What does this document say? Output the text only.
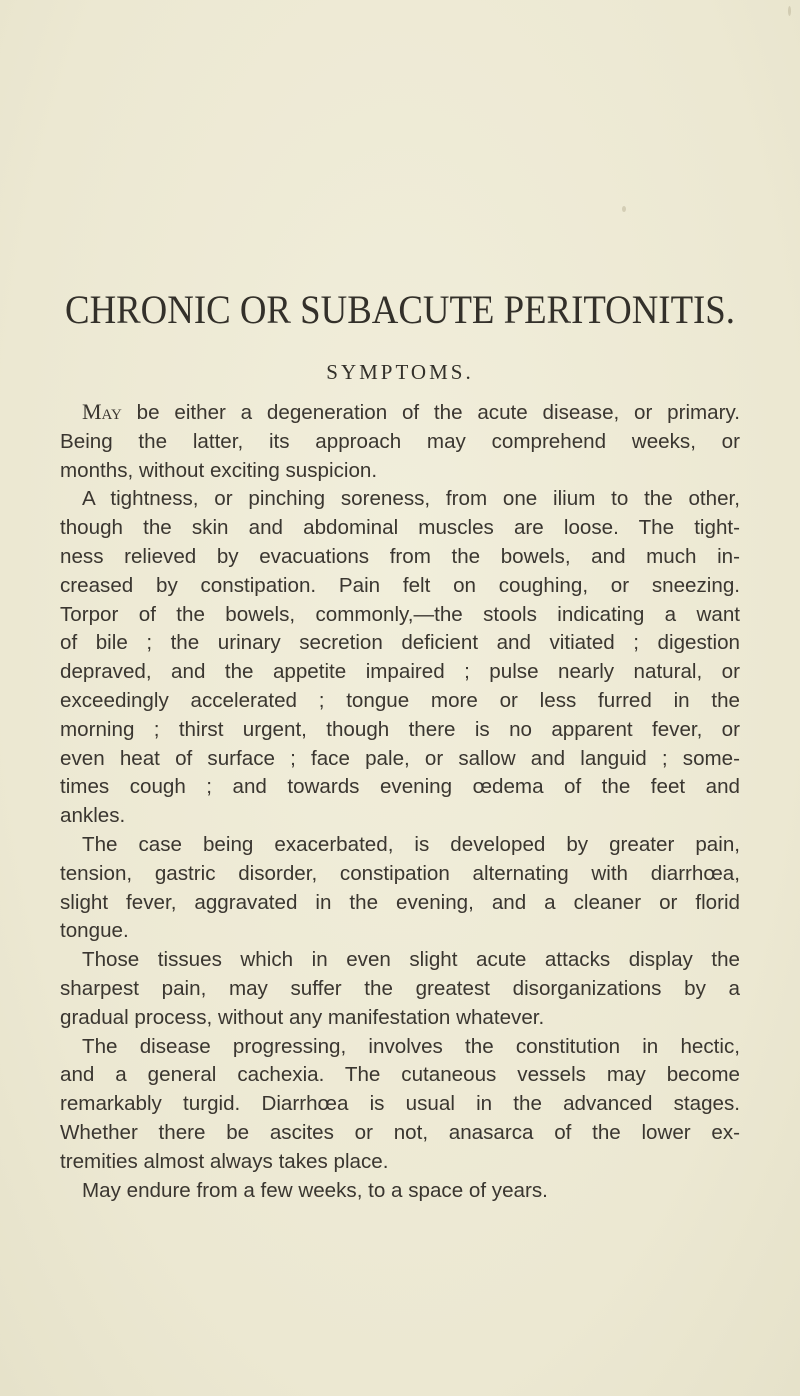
CHRONIC OR SUBACUTE PERITONITIS.
SYMPTOMS.
May be either a degeneration of the acute disease, or primary.
Being the latter, its approach may comprehend weeks, or
months, without exciting suspicion.
A tightness, or pinching soreness, from one ilium to the other,
though the skin and abdominal muscles are loose. The tight-
ness relieved by evacuations from the bowels, and much in-
creased by constipation. Pain felt on coughing, or sneezing.
Torpor of the bowels, commonly,—the stools indicating a want
of bile ; the urinary secretion deficient and vitiated ; digestion
depraved, and the appetite impaired ; pulse nearly natural, or
exceedingly accelerated ; tongue more or less furred in the
morning ; thirst urgent, though there is no apparent fever, or
even heat of surface ; face pale, or sallow and languid ; some-
times cough ; and towards evening œdema of the feet and
ankles.
The case being exacerbated, is developed by greater pain,
tension, gastric disorder, constipation alternating with diarrhœa,
slight fever, aggravated in the evening, and a cleaner or florid
tongue.
Those tissues which in even slight acute attacks display the
sharpest pain, may suffer the greatest disorganizations by a
gradual process, without any manifestation whatever.
The disease progressing, involves the constitution in hectic,
and a general cachexia. The cutaneous vessels may become
remarkably turgid. Diarrhœa is usual in the advanced stages.
Whether there be ascites or not, anasarca of the lower ex-
tremities almost always takes place.
May endure from a few weeks, to a space of years.
